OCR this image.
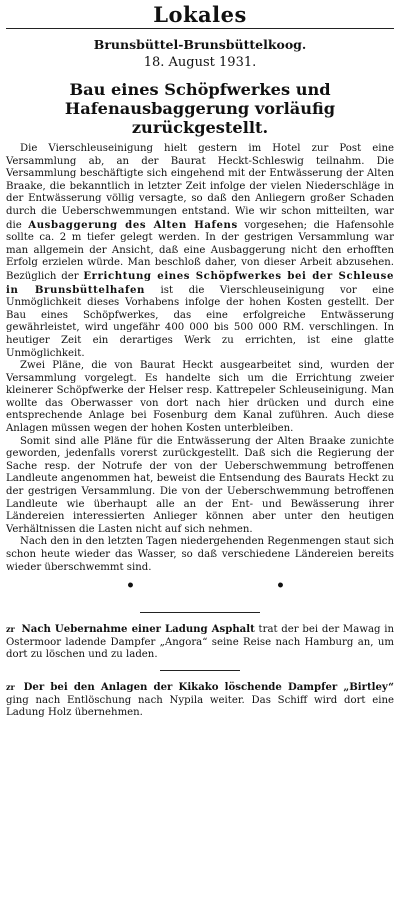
Lokales
Brunsbüttel-Brunsbüttelkoog.
18. August 1931.
Bau eines Schöpfwerkes und
Hafenausbaggerung vorläufig zurückgestellt.

Die Vierschleuseinigung hielt gestern im Hotel zur Post eine Versammlung ab, an der Baurat Heckt-Schleswig teilnahm. Die Versammlung beschäftigte sich eingehend mit der Entwässerung der Alten Braake, die bekanntlich in letzter Zeit infolge der vielen Niederschläge in der Entwässerung völlig versagte, so daß den Anliegern großer Schaden durch die Ueberschwemmungen entstand. Wie wir schon mitteilten, war die Ausbaggerung des Alten Hafens vorgesehen; die Hafensohle sollte ca. 2 m tiefer gelegt werden. In der gestrigen Versammlung war man allgemein der Ansicht, daß eine Ausbaggerung nicht den erhofften Erfolg erzielen würde. Man beschloß daher, von dieser Arbeit abzusehen. Bezüglich der Errichtung eines Schöpfwerkes bei der Schleuse in Brunsbüttelhafen ist die Vierschleuseinigung vor eine Unmöglichkeit dieses Vorhabens infolge der hohen Kosten gestellt. Der Bau eines Schöpfwerkes, das eine erfolgreiche Entwässerung gewährleistet, wird ungefähr 400 000 bis 500 000 RM. verschlingen. In heutiger Zeit ein derartiges Werk zu errichten, ist eine glatte Unmöglichkeit.

Zwei Pläne, die von Baurat Heckt ausgearbeitet sind, wurden der Versammlung vorgelegt. Es handelte sich um die Errichtung zweier kleinerer Schöpfwerke der Helser resp. Kattrepeler Schleuseinigung. Man wollte das Oberwasser von dort nach hier drücken und durch eine entsprechende Anlage bei Fosenburg dem Kanal zuführen. Auch diese Anlagen müssen wegen der hohen Kosten unterbleiben.

Somit sind alle Pläne für die Entwässerung der Alten Braake zunichte geworden, jedenfalls vorerst zurückgestellt. Daß sich die Regierung der Sache resp. der Notrufe der von der Ueberschwemmung betroffenen Landleute angenommen hat, beweist die Entsendung des Baurats Heckt zu der gestrigen Versammlung. Die von der Ueberschwemmung betroffenen Landleute wie überhaupt alle an der Ent- und Bewässerung ihrer Ländereien interessierten Anlieger können aber unter den heutigen Verhältnissen die Lasten nicht auf sich nehmen.

Nach den in den letzten Tagen niedergehenden Regenmengen staut sich schon heute wieder das Wasser, so daß verschiedene Ländereien bereits wieder überschwemmt sind.

•	•

zr Nach Uebernahme einer Ladung Asphalt trat der bei der Mawag in Ostermoor ladende Dampfer „Angora“ seine Reise nach Hamburg an, um dort zu löschen und zu laden.

zr Der bei den Anlagen der Kikako löschende Dampfer „Birtley“ ging nach Entlöschung nach Nypila weiter. Das Schiff wird dort eine Ladung Holz übernehmen.
